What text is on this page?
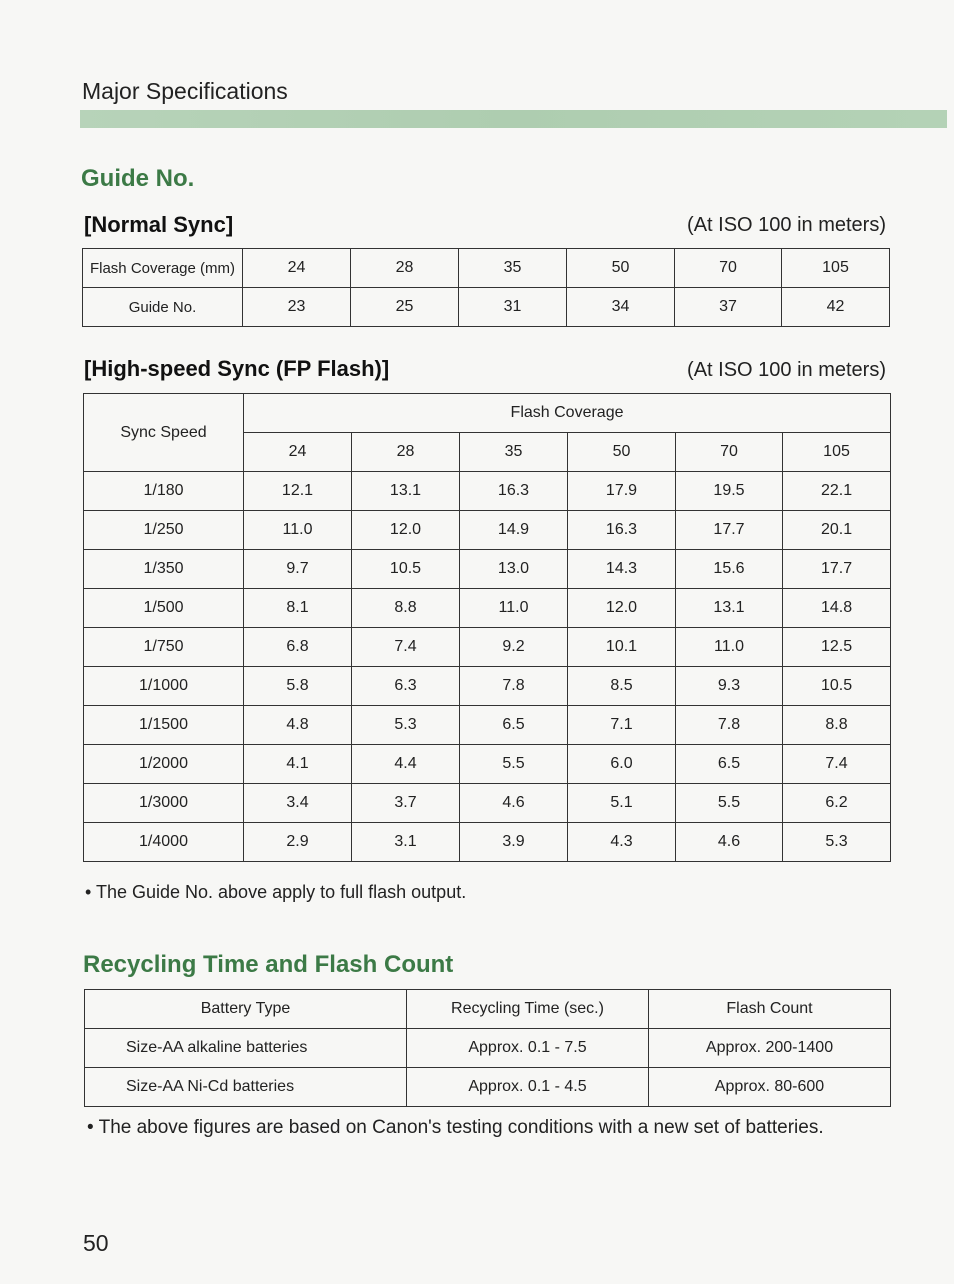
Major Specifications
Guide No.
[Normal Sync]	(At ISO 100 in meters)
Flash Coverage (mm)	24	28	35	50	70	105
Guide No.	23	25	31	34	37	42
[High-speed Sync (FP Flash)]	(At ISO 100 in meters)
Sync Speed	Flash Coverage					
	24	28	35	50	70	105
1/180	12.1	13.1	16.3	17.9	19.5	22.1
1/250	11.0	12.0	14.9	16.3	17.7	20.1
1/350	9.7	10.5	13.0	14.3	15.6	17.7
1/500	8.1	8.8	11.0	12.0	13.1	14.8
1/750	6.8	7.4	9.2	10.1	11.0	12.5
1/1000	5.8	6.3	7.8	8.5	9.3	10.5
1/1500	4.8	5.3	6.5	7.1	7.8	8.8
1/2000	4.1	4.4	5.5	6.0	6.5	7.4
1/3000	3.4	3.7	4.6	5.1	5.5	6.2
1/4000	2.9	3.1	3.9	4.3	4.6	5.3
• The Guide No. above apply to full flash output.
Recycling Time and Flash Count
Battery Type	Recycling Time (sec.)	Flash Count
Size-AA alkaline batteries	Approx. 0.1 - 7.5	Approx. 200-1400
Size-AA Ni-Cd batteries	Approx. 0.1 - 4.5	Approx. 80-600
• The above figures are based on Canon's testing conditions with a new set of batteries.
50
